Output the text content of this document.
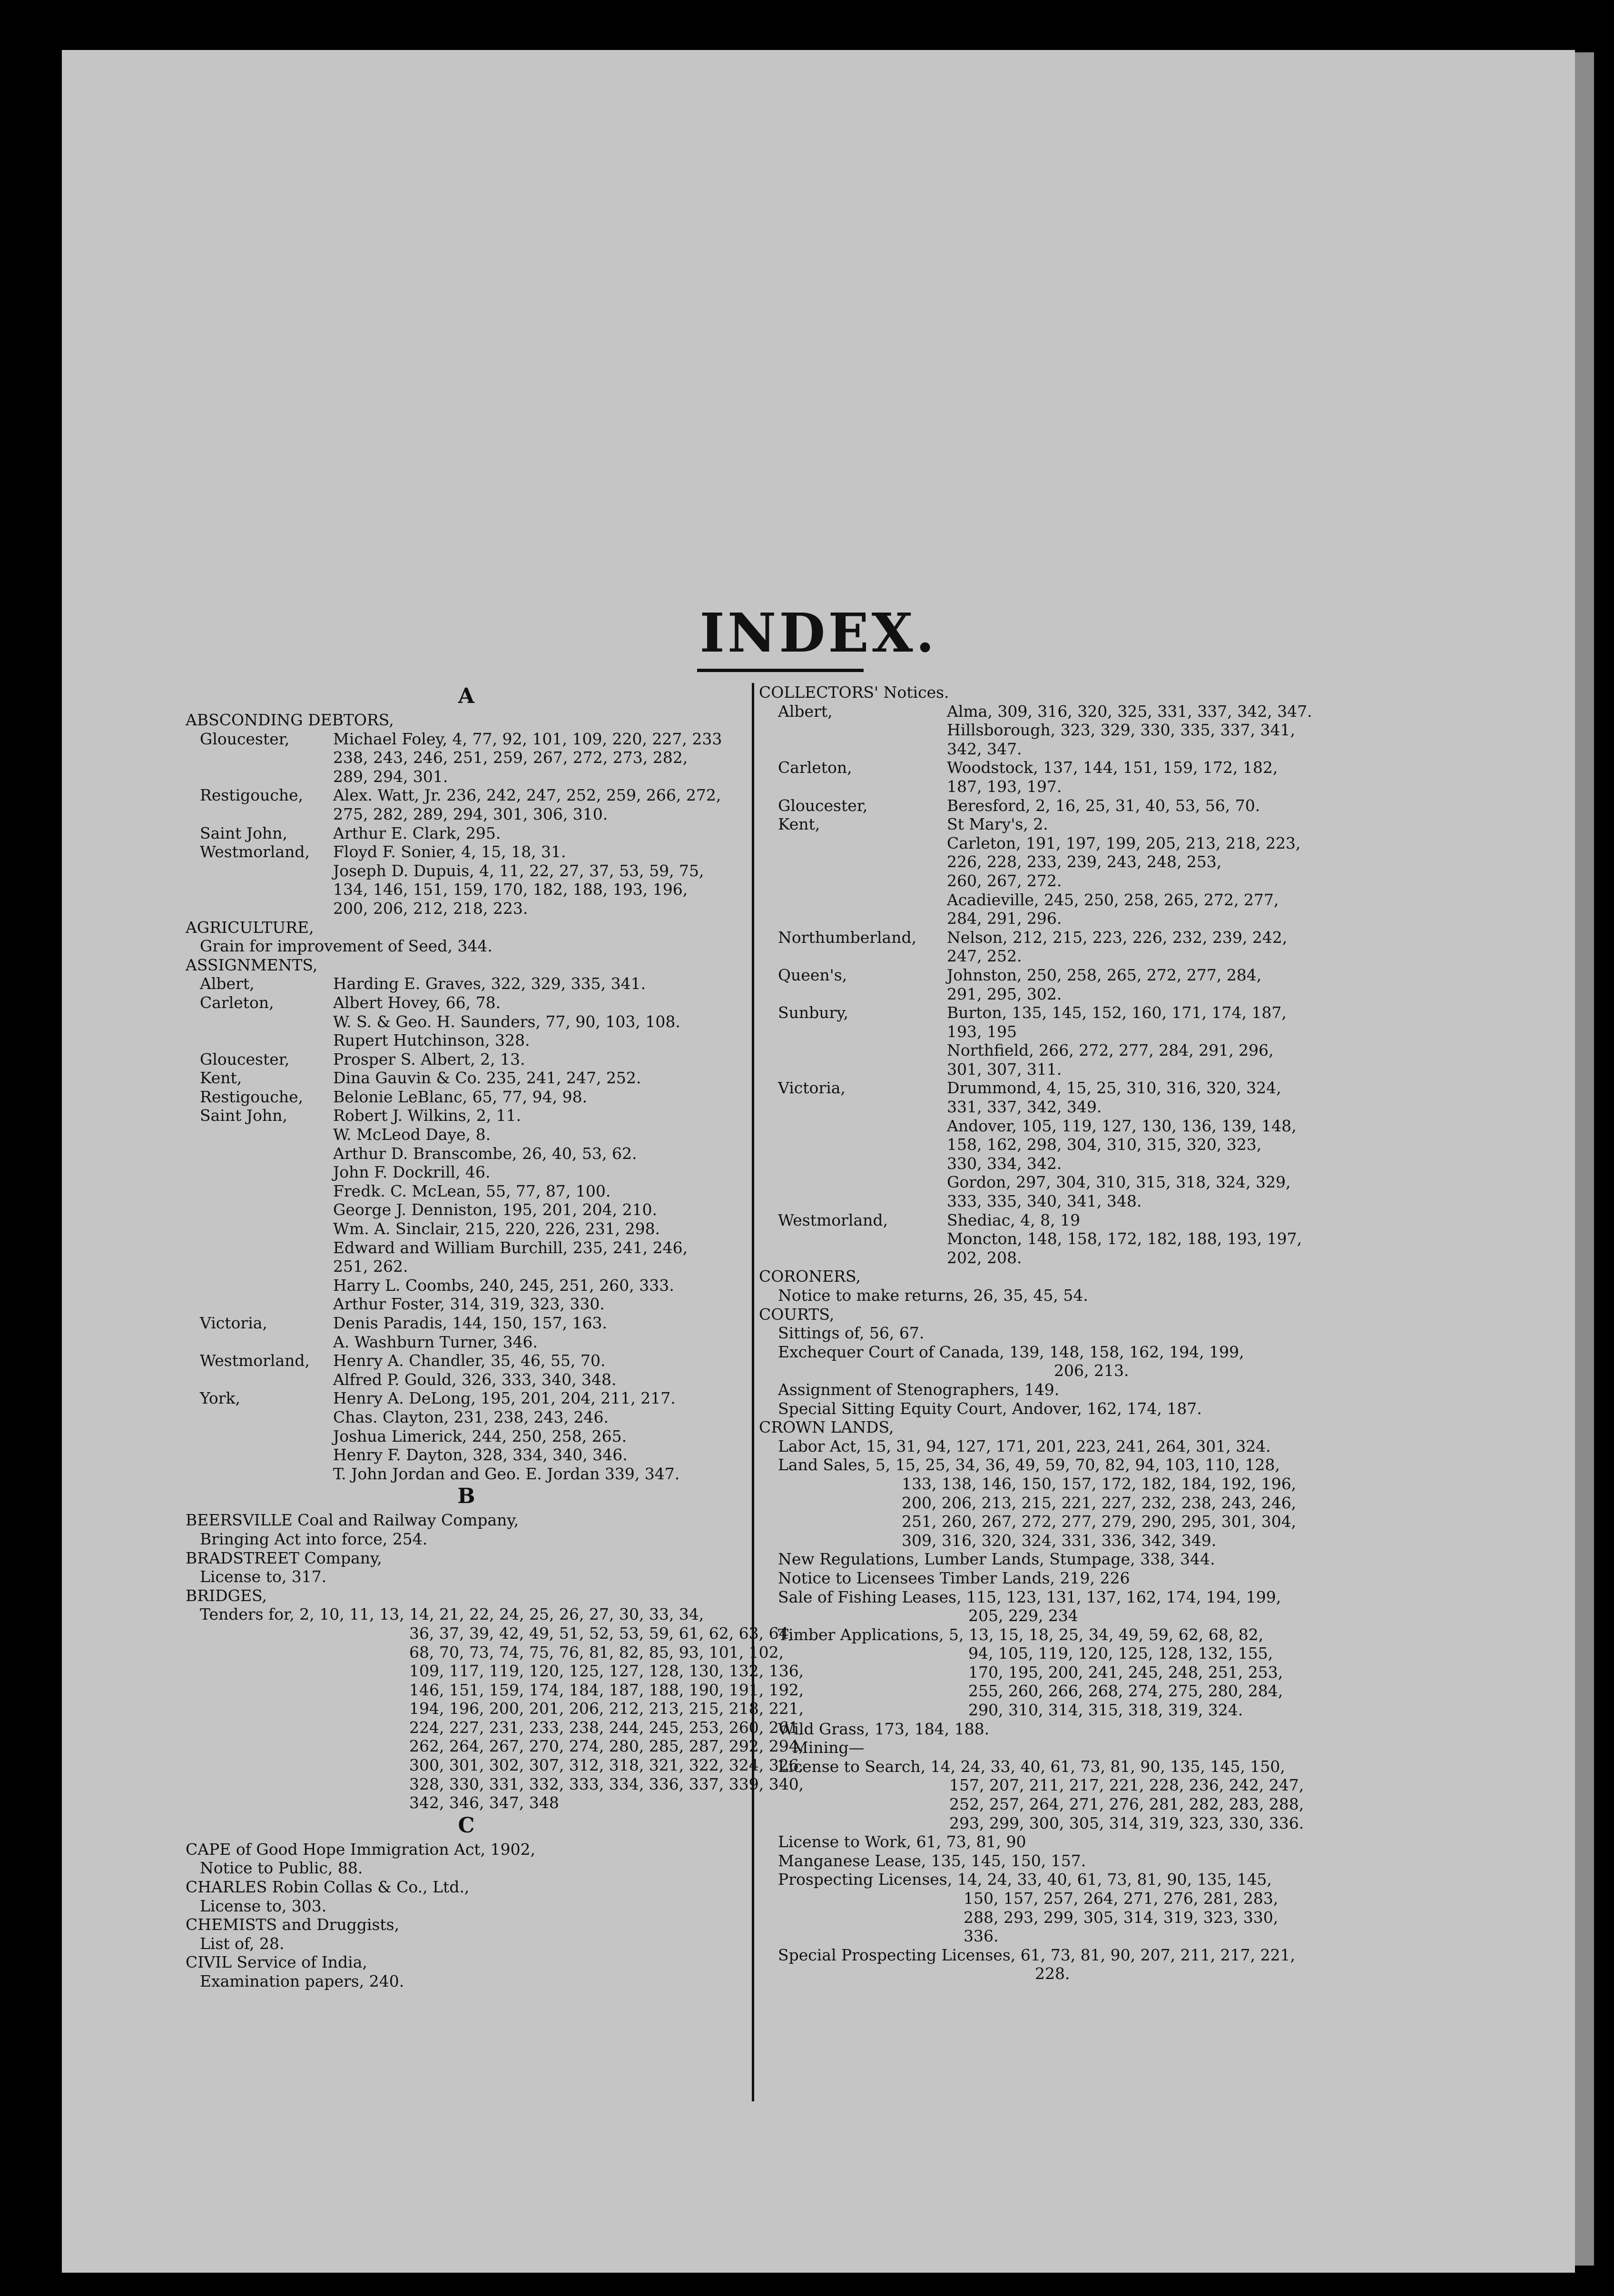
INDEX.
A
ABSCONDING DEBTORS,
Gloucester,	Michael Foley, 4, 77, 92, 101, 109, 220, 227, 233
238, 243, 246, 251, 259, 267, 272, 273, 282,
289, 294, 301.
Restigouche, Alex. Watt, Jr. 236, 242, 247, 252, 259, 266, 272,
275, 282, 289, 294, 301, 306, 310.
Saint John,	Arthur E. Clark, 295.
Westmorland, Floyd F. Sonier, 4, 15, 18, 31.
Joseph D. Dupuis, 4, 11, 22, 27, 37, 53, 59, 75,
134, 146, 151, 159, 170, 182, 188, 193, 196,
200, 206, 212, 218, 223.
AGRICULTURE,
Grain for improvement of Seed, 344.
ASSIGNMENTS,
Albert,	Harding E. Graves, 322, 329, 335, 341.
Carleton,	Albert Hovey, 66, 78.
W. S. & Geo. H. Saunders, 77, 90, 103, 108.
Rupert Hutchinson, 328.
Gloucester,	Prosper S. Albert, 2, 13.
Kent,	Dina Gauvin & Co. 235, 241, 247, 252.
Restigouche, Belonie LeBlanc, 65, 77, 94, 98.
Saint John,	Robert J. Wilkins, 2, 11.
W. McLeod Daye, 8.
Arthur D. Branscombe, 26, 40, 53, 62.
John F. Dockrill, 46.
Fredk. C. McLean, 55, 77, 87, 100.
George J. Denniston, 195, 201, 204, 210.
Wm. A. Sinclair, 215, 220, 226, 231, 298.
Edward and William Burchill, 235, 241, 246,
251, 262.
Harry L. Coombs, 240, 245, 251, 260, 333.
Arthur Foster, 314, 319, 323, 330.
Victoria,	Denis Paradis, 144, 150, 157, 163.
A. Washburn Turner, 346.
Westmorland, Henry A. Chandler, 35, 46, 55, 70.
Alfred P. Gould, 326, 333, 340, 348.
York,	Henry A. DeLong, 195, 201, 204, 211, 217.
Chas. Clayton, 231, 238, 243, 246.
Joshua Limerick, 244, 250, 258, 265.
Henry F. Dayton, 328, 334, 340, 346.
T. John Jordan and Geo. E. Jordan 339, 347.
B
BEERSVILLE Coal and Railway Company,
Bringing Act into force, 254.
BRADSTREET Company,
License to, 317.
BRIDGES,
Tenders for, 2, 10, 11, 13, 14, 21, 22, 24, 25, 26, 27, 30, 33, 34,
36, 37, 39, 42, 49, 51, 52, 53, 59, 61, 62, 63, 64,
68, 70, 73, 74, 75, 76, 81, 82, 85, 93, 101, 102,
109, 117, 119, 120, 125, 127, 128, 130, 132, 136,
146, 151, 159, 174, 184, 187, 188, 190, 191, 192,
194, 196, 200, 201, 206, 212, 213, 215, 218, 221,
224, 227, 231, 233, 238, 244, 245, 253, 260, 261,
262, 264, 267, 270, 274, 280, 285, 287, 292, 294,
300, 301, 302, 307, 312, 318, 321, 322, 324, 326,
328, 330, 331, 332, 333, 334, 336, 337, 339, 340,
342, 346, 347, 348
C
CAPE of Good Hope Immigration Act, 1902,
Notice to Public, 88.
CHARLES Robin Collas & Co., Ltd.,
License to, 303.
CHEMISTS and Druggists,
List of, 28.
CIVIL Service of India,
Examination papers, 240.
COLLECTORS' Notices.
Albert,	Alma, 309, 316, 320, 325, 331, 337, 342, 347.
Hillsborough, 323, 329, 330, 335, 337, 341,
342, 347.
Carleton,	Woodstock, 137, 144, 151, 159, 172, 182,
187, 193, 197.
Gloucester,	Beresford, 2, 16, 25, 31, 40, 53, 56, 70.
Kent,	St Mary's, 2.
Carleton, 191, 197, 199, 205, 213, 218, 223,
226, 228, 233, 239, 243, 248, 253,
260, 267, 272.
Acadieville, 245, 250, 258, 265, 272, 277,
284, 291, 296.
Northumberland, Nelson, 212, 215, 223, 226, 232, 239, 242,
247, 252.
Queen's,	Johnston, 250, 258, 265, 272, 277, 284,
291, 295, 302.
Sunbury,	Burton, 135, 145, 152, 160, 171, 174, 187,
193, 195
Northfield, 266, 272, 277, 284, 291, 296,
301, 307, 311.
Victoria,	Drummond, 4, 15, 25, 310, 316, 320, 324,
331, 337, 342, 349.
Andover, 105, 119, 127, 130, 136, 139, 148,
158, 162, 298, 304, 310, 315, 320, 323,
330, 334, 342.
Gordon, 297, 304, 310, 315, 318, 324, 329,
333, 335, 340, 341, 348.
Westmorland,	Shediac, 4, 8, 19
Moncton, 148, 158, 172, 182, 188, 193, 197,
202, 208.
CORONERS,
Notice to make returns, 26, 35, 45, 54.
COURTS,
Sittings of, 56, 67.
Exchequer Court of Canada, 139, 148, 158, 162, 194, 199,
206, 213.
Assignment of Stenographers, 149.
Special Sitting Equity Court, Andover, 162, 174, 187.
CROWN LANDS,
Labor Act, 15, 31, 94, 127, 171, 201, 223, 241, 264, 301, 324.
Land Sales, 5, 15, 25, 34, 36, 49, 59, 70, 82, 94, 103, 110, 128,
133, 138, 146, 150, 157, 172, 182, 184, 192, 196,
200, 206, 213, 215, 221, 227, 232, 238, 243, 246,
251, 260, 267, 272, 277, 279, 290, 295, 301, 304,
309, 316, 320, 324, 331, 336, 342, 349.
New Regulations, Lumber Lands, Stumpage, 338, 344.
Notice to Licensees Timber Lands, 219, 226
Sale of Fishing Leases, 115, 123, 131, 137, 162, 174, 194, 199,
205, 229, 234
Timber Applications, 5, 13, 15, 18, 25, 34, 49, 59, 62, 68, 82,
94, 105, 119, 120, 125, 128, 132, 155,
170, 195, 200, 241, 245, 248, 251, 253,
255, 260, 266, 268, 274, 275, 280, 284,
290, 310, 314, 315, 318, 319, 324.
Wild Grass, 173, 184, 188.
Mining—
License to Search, 14, 24, 33, 40, 61, 73, 81, 90, 135, 145, 150,
157, 207, 211, 217, 221, 228, 236, 242, 247,
252, 257, 264, 271, 276, 281, 282, 283, 288,
293, 299, 300, 305, 314, 319, 323, 330, 336.
License to Work, 61, 73, 81, 90
Manganese Lease, 135, 145, 150, 157.
Prospecting Licenses, 14, 24, 33, 40, 61, 73, 81, 90, 135, 145,
150, 157, 257, 264, 271, 276, 281, 283,
288, 293, 299, 305, 314, 319, 323, 330,
336.
Special Prospecting Licenses, 61, 73, 81, 90, 207, 211, 217, 221,
228.
